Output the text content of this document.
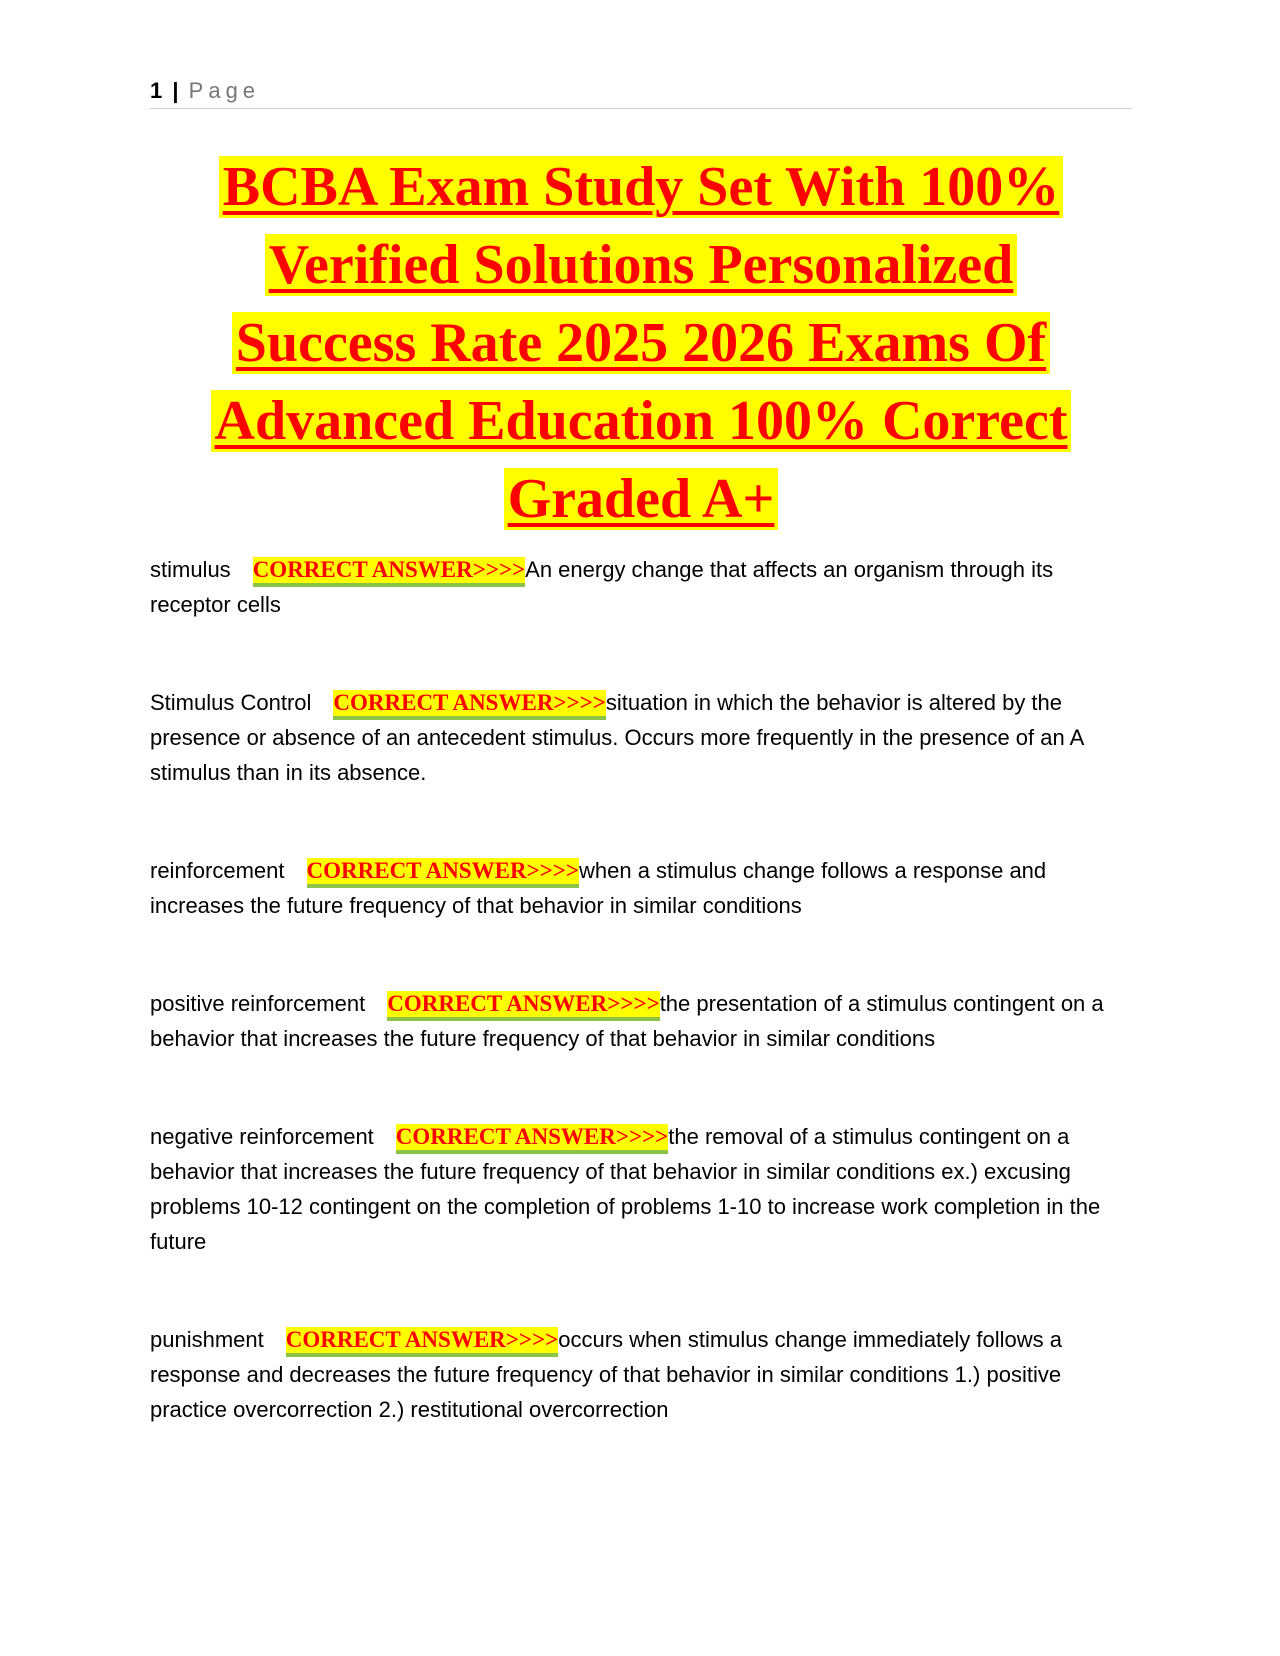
1 | Page
BCBA Exam Study Set With 100%
Verified Solutions Personalized
Success Rate 2025 2026 Exams Of
Advanced Education 100% Correct
Graded A+

stimulus CORRECT ANSWER>>>>An energy change that affects an organism through its receptor cells

Stimulus Control CORRECT ANSWER>>>>situation in which the behavior is altered by the presence or absence of an antecedent stimulus. Occurs more frequently in the presence of an A stimulus than in its absence.

reinforcement CORRECT ANSWER>>>>when a stimulus change follows a response and increases the future frequency of that behavior in similar conditions

positive reinforcement CORRECT ANSWER>>>>the presentation of a stimulus contingent on a behavior that increases the future frequency of that behavior in similar conditions

negative reinforcement CORRECT ANSWER>>>>the removal of a stimulus contingent on a behavior that increases the future frequency of that behavior in similar conditions ex.) excusing problems 10-12 contingent on the completion of problems 1-10 to increase work completion in the future

punishment CORRECT ANSWER>>>>occurs when stimulus change immediately follows a response and decreases the future frequency of that behavior in similar conditions 1.) positive practice overcorrection 2.) restitutional overcorrection
